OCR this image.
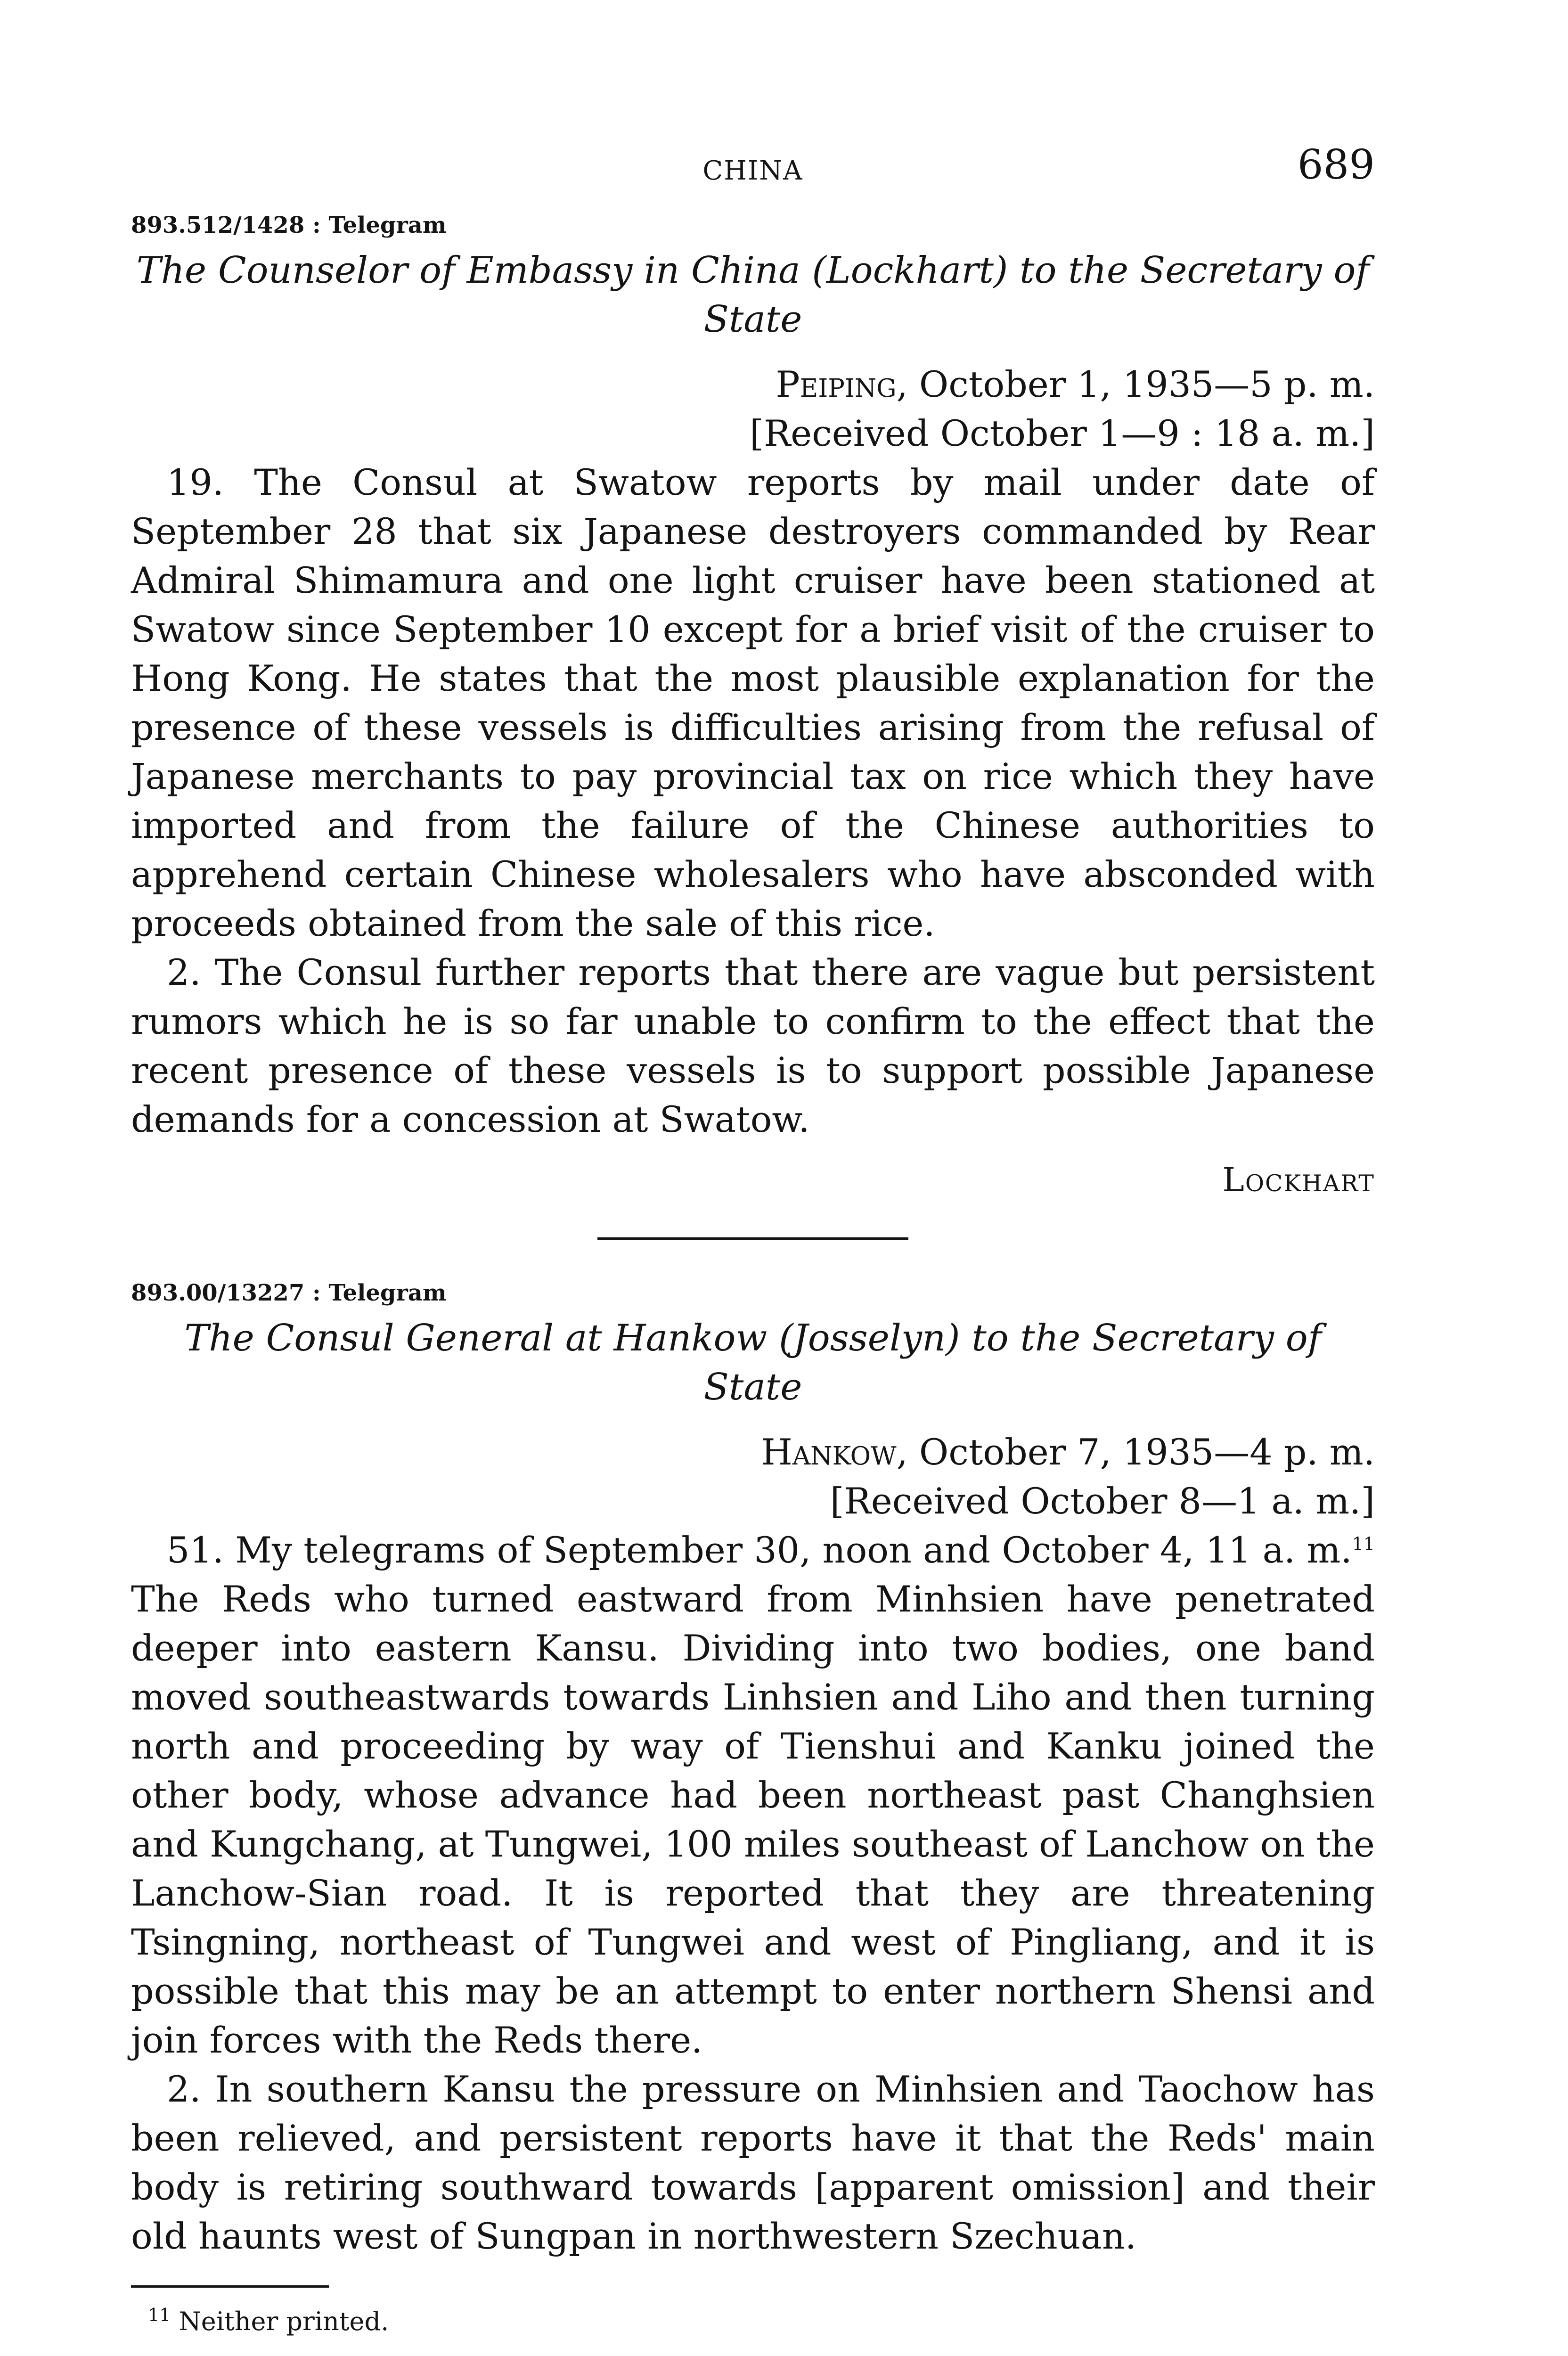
CHINA	689
893.512/1428 : Telegram
The Counselor of Embassy in China (Lockhart) to the Secretary of State
Peiping, October 1, 1935—5 p. m.
[Received October 1—9 : 18 a. m.]

19. The Consul at Swatow reports by mail under date of September 28 that six Japanese destroyers commanded by Rear Admiral Shimamura and one light cruiser have been stationed at Swatow since September 10 except for a brief visit of the cruiser to Hong Kong. He states that the most plausible explanation for the presence of these vessels is difficulties arising from the refusal of Japanese merchants to pay provincial tax on rice which they have imported and from the failure of the Chinese authorities to apprehend certain Chinese wholesalers who have absconded with proceeds obtained from the sale of this rice.

2. The Consul further reports that there are vague but persistent rumors which he is so far unable to confirm to the effect that the recent presence of these vessels is to support possible Japanese demands for a concession at Swatow.

Lockhart
893.00/13227 : Telegram
The Consul General at Hankow (Josselyn) to the Secretary of State
Hankow, October 7, 1935—4 p. m.
[Received October 8—1 a. m.]

51. My telegrams of September 30, noon and October 4, 11 a. m.$^{11}$ The Reds who turned eastward from Minhsien have penetrated deeper into eastern Kansu. Dividing into two bodies, one band moved southeastwards towards Linhsien and Liho and then turning north and proceeding by way of Tienshui and Kanku joined the other body, whose advance had been northeast past Changhsien and Kungchang, at Tungwei, 100 miles southeast of Lanchow on the Lanchow-Sian road. It is reported that they are threatening Tsingning, northeast of Tungwei and west of Pingliang, and it is possible that this may be an attempt to enter northern Shensi and join forces with the Reds there.

2. In southern Kansu the pressure on Minhsien and Taochow has been relieved, and persistent reports have it that the Reds' main body is retiring southward towards [apparent omission] and their old haunts west of Sungpan in northwestern Szechuan.

$^{11}$ Neither printed.
